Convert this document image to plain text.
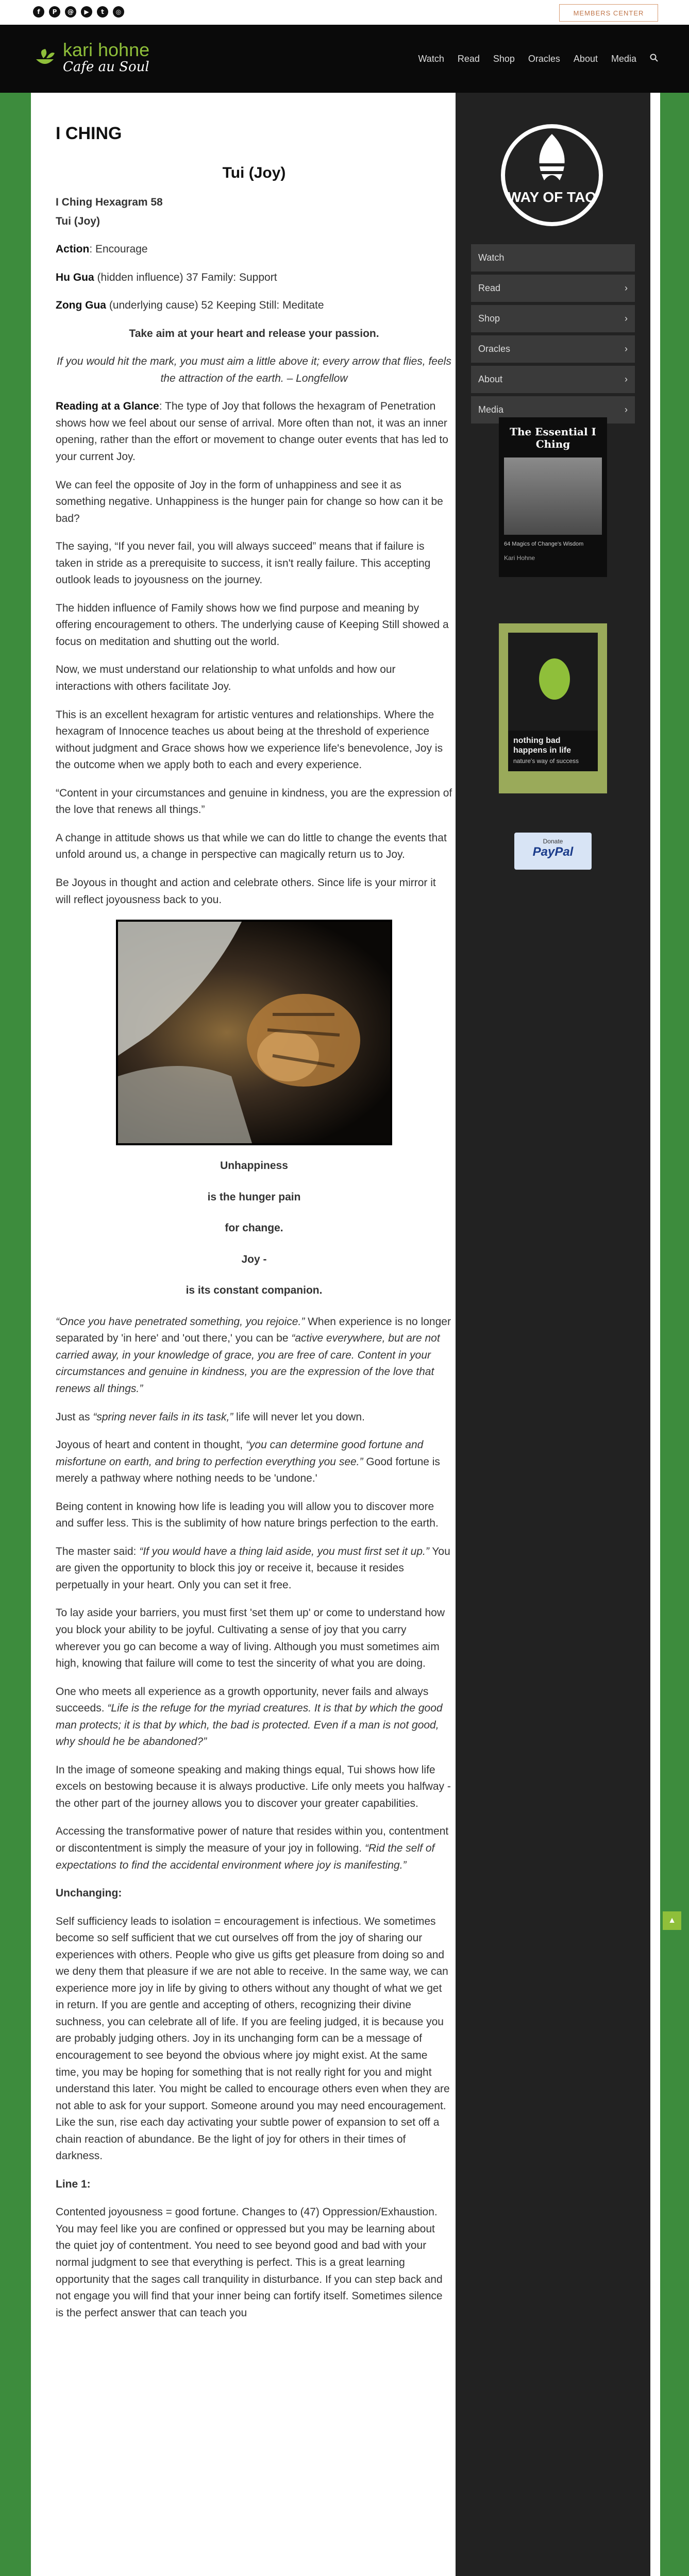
f	P	@	▶	t	◎	MEMBERS CENTER
kari hohne
Cafe au Soul
Watch Read Shop Oracles About Media
I CHING
Tui (Joy)

I Ching Hexagram 58

Tui (Joy)

Action: Encourage

Hu Gua (hidden influence) 37 Family: Support

Zong Gua (underlying cause) 52 Keeping Still: Meditate

Take aim at your heart and release your passion.

If you would hit the mark, you must aim a little above it; every arrow that flies, feels the attraction of the earth. – Longfellow

Reading at a Glance: The type of Joy that follows the hexagram of Penetration shows how we feel about our sense of arrival. More often than not, it was an inner opening, rather than the effort or movement to change outer events that has led to your current Joy.

We can feel the opposite of Joy in the form of unhappiness and see it as something negative. Unhappiness is the hunger pain for change so how can it be bad?

The saying, “If you never fail, you will always succeed” means that if failure is taken in stride as a prerequisite to success, it isn't really failure. This accepting outlook leads to joyousness on the journey.

The hidden influence of Family shows how we find purpose and meaning by offering encouragement to others. The underlying cause of Keeping Still showed a focus on meditation and shutting out the world.

Now, we must understand our relationship to what unfolds and how our interactions with others facilitate Joy.

This is an excellent hexagram for artistic ventures and relationships. Where the hexagram of Innocence teaches us about being at the threshold of experience without judgment and Grace shows how we experience life's benevolence, Joy is the outcome when we apply both to each and every experience.

“Content in your circumstances and genuine in kindness, you are the expression of the love that renews all things.”

A change in attitude shows us that while we can do little to change the events that unfold around us, a change in perspective can magically return us to Joy.

Be Joyous in thought and action and celebrate others. Since life is your mirror it will reflect joyousness back to you.

Unhappiness

is the hunger pain

for change.

Joy -

is its constant companion.

“Once you have penetrated something, you rejoice.” When experience is no longer separated by 'in here' and 'out there,' you can be “active everywhere, but are not carried away, in your knowledge of grace, you are free of care. Content in your circumstances and genuine in kindness, you are the expression of the love that renews all things.”

Just as “spring never fails in its task,” life will never let you down.

Joyous of heart and content in thought, “you can determine good fortune and misfortune on earth, and bring to perfection everything you see.” Good fortune is merely a pathway where nothing needs to be 'undone.'

Being content in knowing how life is leading you will allow you to discover more and suffer less. This is the sublimity of how nature brings perfection to the earth.

The master said: “If you would have a thing laid aside, you must first set it up.” You are given the opportunity to block this joy or receive it, because it resides perpetually in your heart. Only you can set it free.

To lay aside your barriers, you must first 'set them up' or come to understand how you block your ability to be joyful. Cultivating a sense of joy that you carry wherever you go can become a way of living. Although you must sometimes aim high, knowing that failure will come to test the sincerity of what you are doing.

One who meets all experience as a growth opportunity, never fails and always succeeds. “Life is the refuge for the myriad creatures. It is that by which the good man protects; it is that by which, the bad is protected. Even if a man is not good, why should he be abandoned?”

In the image of someone speaking and making things equal, Tui shows how life excels on bestowing because it is always productive. Life only meets you halfway - the other part of the journey allows you to discover your greater capabilities.

Accessing the transformative power of nature that resides within you, contentment or discontentment is simply the measure of your joy in following. “Rid the self of expectations to find the accidental environment where joy is manifesting.”

Unchanging:

Self sufficiency leads to isolation = encouragement is infectious. We sometimes become so self sufficient that we cut ourselves off from the joy of sharing our experiences with others. People who give us gifts get pleasure from doing so and we deny them that pleasure if we are not able to receive. In the same way, we can experience more joy in life by giving to others without any thought of what we get in return. If you are gentle and accepting of others, recognizing their divine suchness, you can celebrate all of life. If you are feeling judged, it is because you are probably judging others. Joy in its unchanging form can be a message of encouragement to see beyond the obvious where joy might exist. At the same time, you may be hoping for something that is not really right for you and might understand this later. You might be called to encourage others even when they are not able to ask for your support. Someone around you may need encouragement. Like the sun, rise each day activating your subtle power of expansion to set off a chain reaction of abundance. Be the light of joy for others in their times of darkness.

Line 1:

Contented joyousness = good fortune. Changes to (47) Oppression/Exhaustion. You may feel like you are confined or oppressed but you may be learning about the quiet joy of contentment. You need to see beyond good and bad with your normal judgment to see that everything is perfect. This is a great learning opportunity that the sages call tranquility in disturbance. If you can step back and not engage you will find that your inner being can fortify itself. Sometimes silence is the perfect answer that can teach you

WAY OF TAO
Watch
Read	›
Shop	›
Oracles	›
About	›
Media	›
The Essential I Ching
64 Magics of Change's Wisdom
Kari Hohne
nothing bad
happens in life
nature's way of success
Donate
PayPal
▲
